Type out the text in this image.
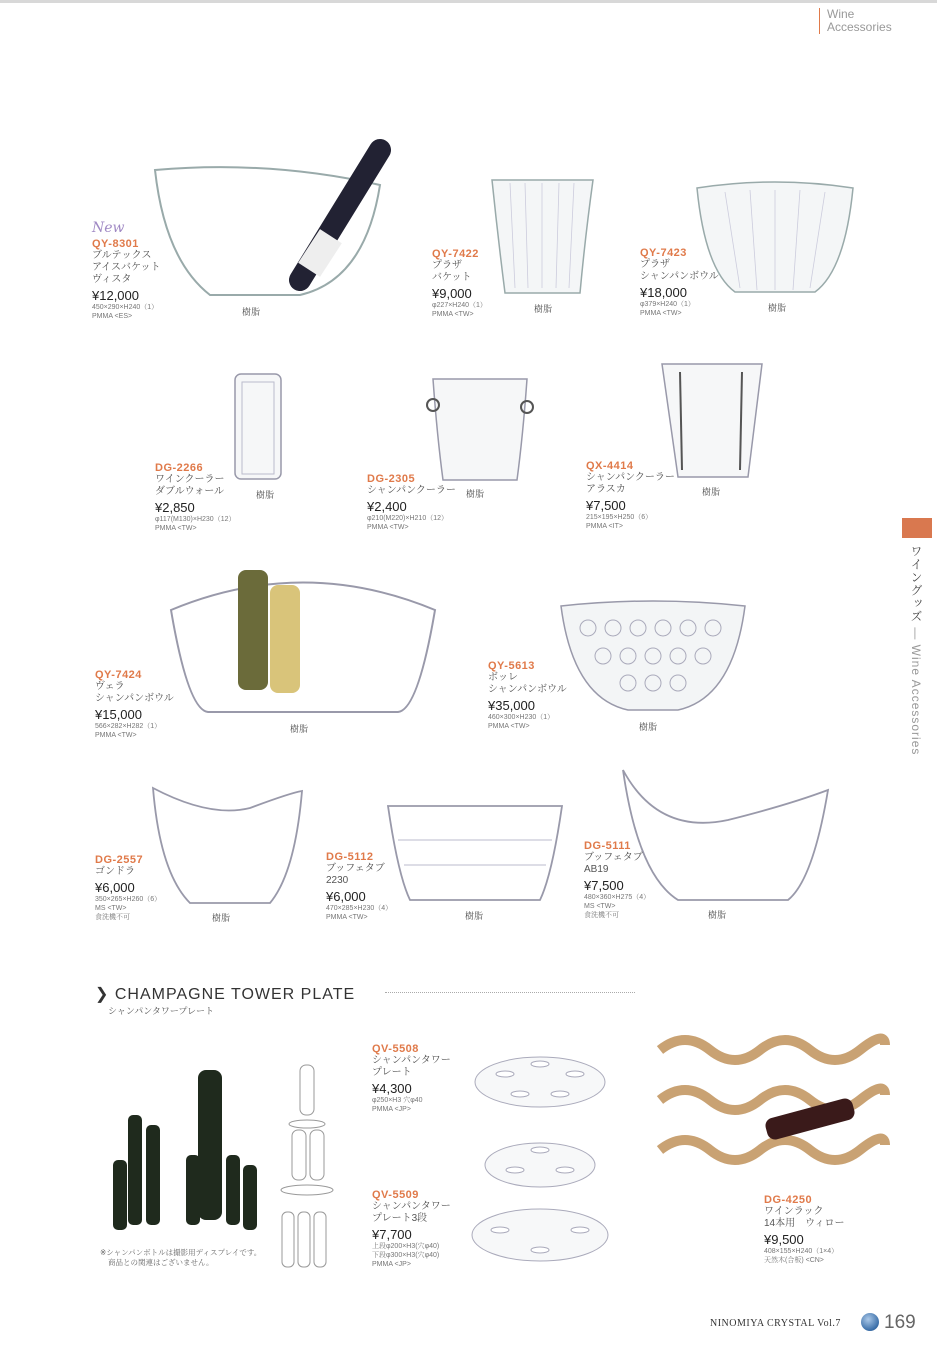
Wine
Accessories
ワイングッズ — Wine Accessories
樹脂	樹脂	樹脂
樹脂	樹脂	樹脂
樹脂	樹脂
樹脂	樹脂	樹脂
New
QY-8301
ブルテックス
アイスバケット
ヴィスタ
¥12,000
450×290×H240（1）
PMMA <ES>
QY-7422
プラザ
バケット
¥9,000
φ227×H240（1）
PMMA <TW>
QY-7423
プラザ
シャンパンボウル
¥18,000
φ379×H240（1）
PMMA <TW>
DG-2266
ワインクーラー
ダブルウォール
¥2,850
φ117(M130)×H230（12）
PMMA <TW>
DG-2305
シャンパンクーラー
¥2,400
φ210(M220)×H210（12）
PMMA <TW>
QX-4414
シャンパンクーラー
アラスカ
¥7,500
215×195×H250（6）
PMMA <IT>
QY-7424
ヴェラ
シャンパンボウル
¥15,000
566×282×H282（1）
PMMA <TW>
QY-5613
ボッレ
シャンパンボウル
¥35,000
460×300×H230（1）
PMMA <TW>
DG-2557
ゴンドラ
¥6,000
350×265×H260（6）
MS <TW>
食洗機不可
DG-5112
ブッフェタブ
2230
¥6,000
470×285×H230（4）
PMMA <TW>
DG-5111
ブッフェタブ
AB19
¥7,500
480×360×H275（4）
MS <TW>
食洗機不可
❯ CHAMPAGNE TOWER PLATE
シャンパンタワープレート
QV-5508
シャンパンタワー
プレート
¥4,300
φ250×H3 穴φ40
PMMA <JP>
QV-5509
シャンパンタワー
プレート3段
¥7,700
上段φ200×H3(穴φ40)
下段φ300×H3(穴φ40)
PMMA <JP>
DG-4250
ワインラック
14本用　ウィロー
¥9,500
408×155×H240（1×4）
天然木(合板) <CN>
※シャンパンボトルは撮影用ディスプレイです。
商品との関連はございません。
NINOMIYA CRYSTAL Vol.7 169
